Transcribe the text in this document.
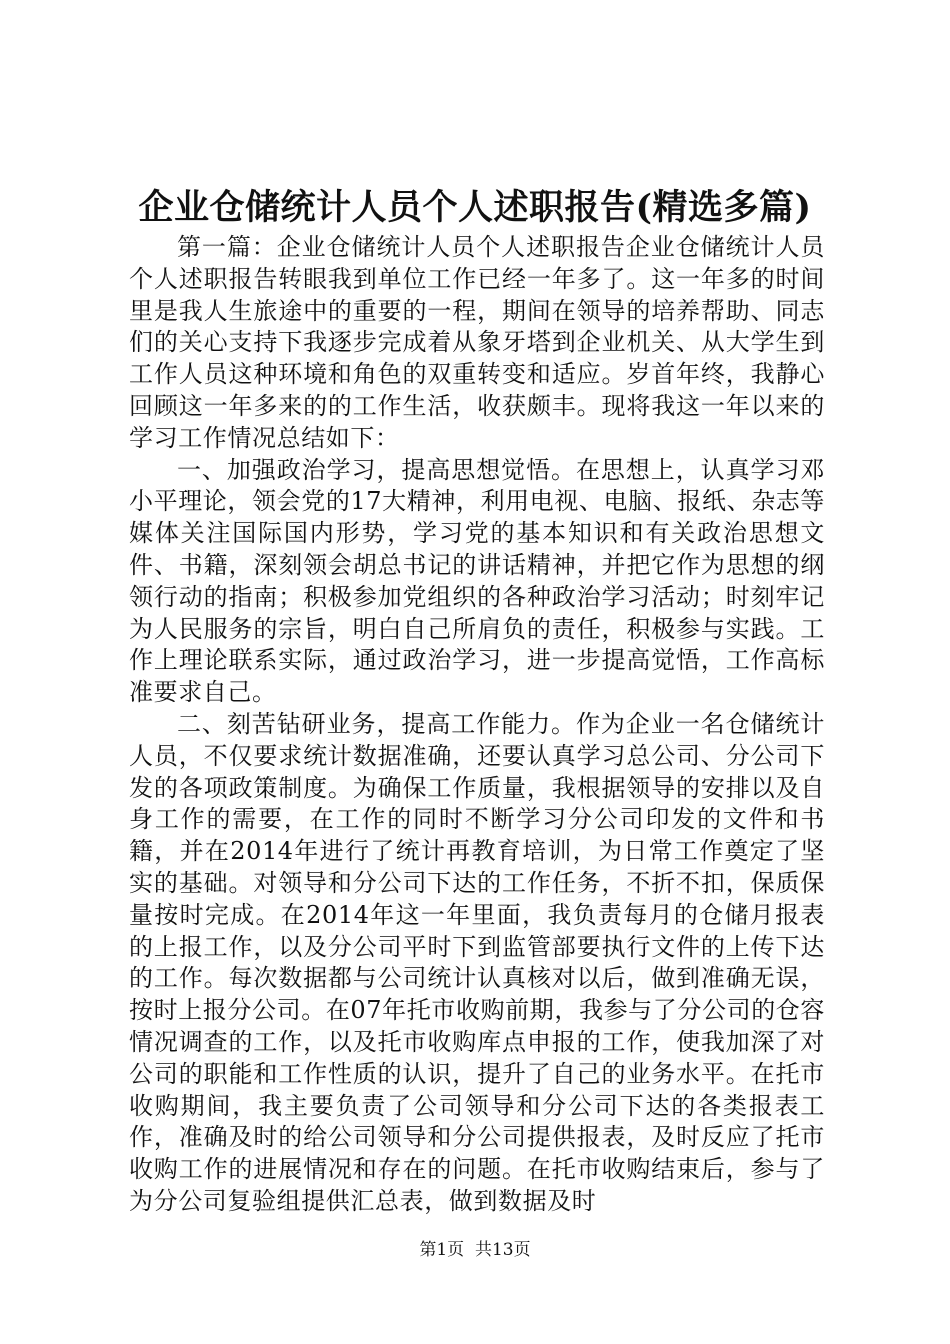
企业仓储统计人员个人述职报告(精选多篇)

第一篇：企业仓储统计人员个人述职报告企业仓储统计人员个人述职报告转眼我到单位工作已经一年多了。这一年多的时间里是我人生旅途中的重要的一程，期间在领导的培养帮助、同志们的关心支持下我逐步完成着从象牙塔到企业机关、从大学生到工作人员这种环境和角色的双重转变和适应。岁首年终，我静心回顾这一年多来的的工作生活，收获颇丰。现将我这一年以来的学习工作情况总结如下：

一、加强政治学习，提高思想觉悟。在思想上，认真学习邓小平理论，领会党的17大精神，利用电视、电脑、报纸、杂志等媒体关注国际国内形势，学习党的基本知识和有关政治思想文件、书籍，深刻领会胡总书记的讲话精神，并把它作为思想的纲领行动的指南；积极参加党组织的各种政治学习活动；时刻牢记为人民服务的宗旨，明白自己所肩负的责任，积极参与实践。工作上理论联系实际，通过政治学习，进一步提高觉悟，工作高标准要求自己。

二、刻苦钻研业务，提高工作能力。作为企业一名仓储统计人员，不仅要求统计数据准确，还要认真学习总公司、分公司下发的各项政策制度。为确保工作质量，我根据领导的安排以及自身工作的需要，在工作的同时不断学习分公司印发的文件和书籍，并在2014年进行了统计再教育培训，为日常工作奠定了坚实的基础。对领导和分公司下达的工作任务，不折不扣，保质保量按时完成。在2014年这一年里面，我负责每月的仓储月报表的上报工作，以及分公司平时下到监管部要执行文件的上传下达的工作。每次数据都与公司统计认真核对以后，做到准确无误，按时上报分公司。在07年托市收购前期，我参与了分公司的仓容情况调查的工作，以及托市收购库点申报的工作，使我加深了对公司的职能和工作性质的认识，提升了自己的业务水平。在托市收购期间，我主要负责了公司领导和分公司下达的各类报表工作，准确及时的给公司领导和分公司提供报表，及时反应了托市收购工作的进展情况和存在的问题。在托市收购结束后，参与了为分公司复验组提供汇总表，做到数据及时

第1页  共13页
